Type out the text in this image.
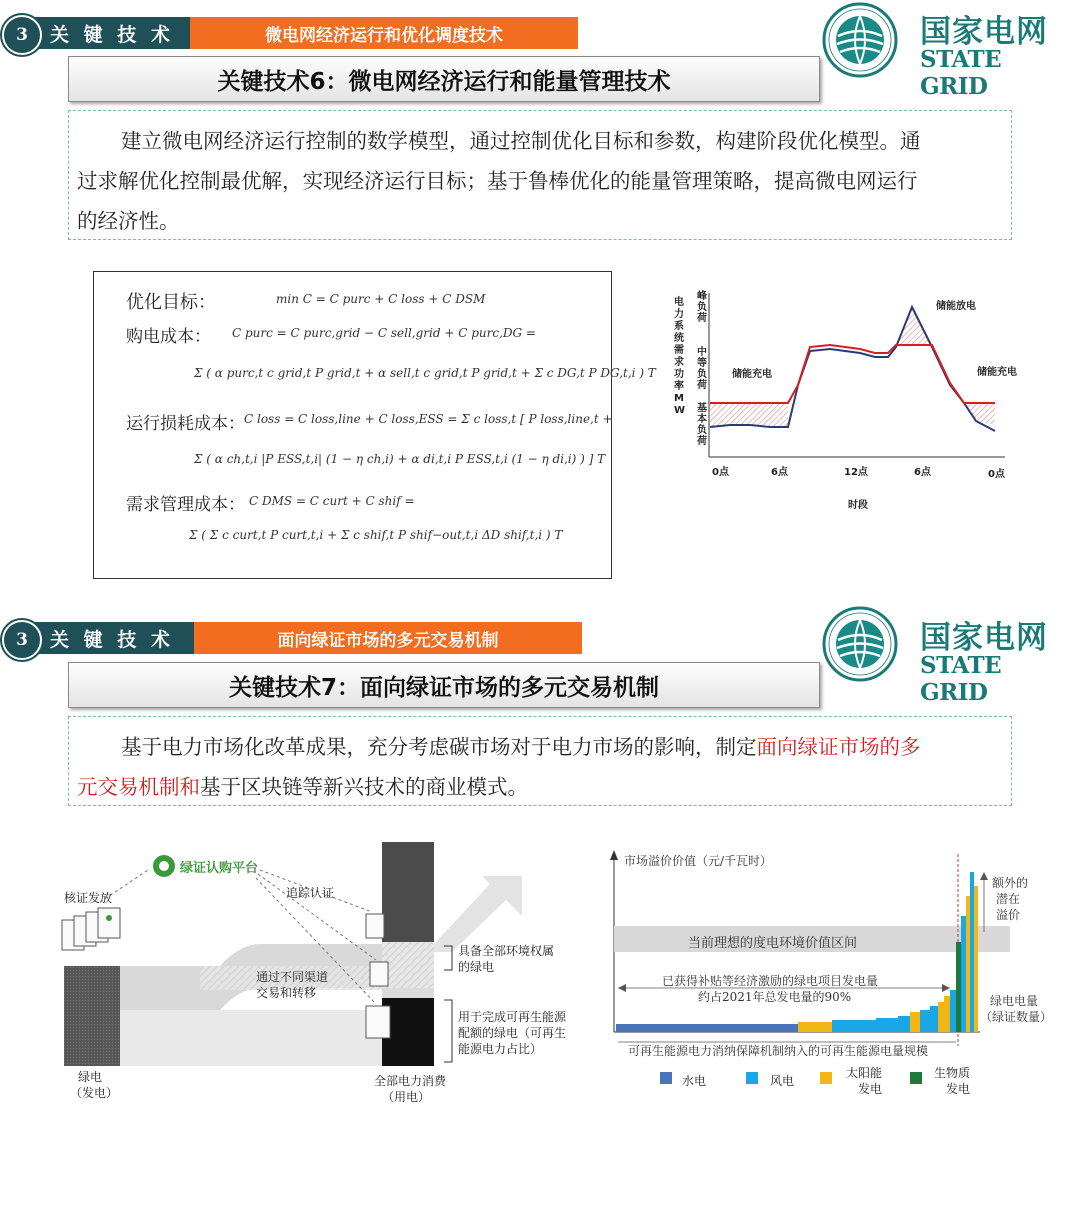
关 键 技 术	微电网经济运行和优化调度技术
3	国家电网
STATE GRID
关键技术6：微电网经济运行和能量管理技术
建立微电网经济运行控制的数学模型，通过控制优化目标和参数，构建阶段优化模型。通
过求解优化控制最优解，实现经济运行目标；基于鲁棒优化的能量管理策略，提高微电网运行
的经济性。
优化目标：	min C = C purc + C loss + C DSM
购电成本： C purc = C purc,grid − C sell,grid + C purc,DG =
Σ ( α purc,t c grid,t P grid,t + α sell,t c grid,t P grid,t + Σ c DG,t P DG,t,i ) T
运行损耗成本： C loss = C loss,line + C loss,ESS = Σ c loss,t [ P loss,line,t +
Σ ( α ch,t,i |P ESS,t,i| (1 − η ch,i) + α di,t,i P ESS,t,i (1 − η di,i) ) ] T
需求管理成本： C DMS = C curt + C shif =
Σ ( Σ c curt,t P curt,t,i + Σ c shif,t P shif−out,t,i ΔD shif,t,i ) T
电力系统需求功率 M W
峰负荷
中等负荷
基本负荷
储能充电
储能放电
储能充电
0点	6点	12点	6点	0点
时段
关 键 技 术	面向绿证市场的多元交易机制
3	国家电网
STATE GRID
关键技术7：面向绿证市场的多元交易机制
基于电力市场化改革成果，充分考虑碳市场对于电力市场的影响，制定面向绿证市场的多
元交易机制和基于区块链等新兴技术的商业模式。
绿证认购平台
核证发放	追踪认证
通过不同渠道
交易和转移
具备全部环境权属
的绿电
用于完成可再生能源
配额的绿电（可再生
能源电力占比）
绿电
（发电）
全部电力消费
（用电）
市场溢价价值（元/千瓦时）
当前理想的度电环境价值区间
已获得补贴等经济激励的绿电项目发电量
约占2021年总发电量的90%
额外的
潜在
溢价
绿电电量
（绿证数量）
可再生能源电力消纳保障机制纳入的可再生能源电量规模
水电	风电
太阳能
发电
生物质
发电
